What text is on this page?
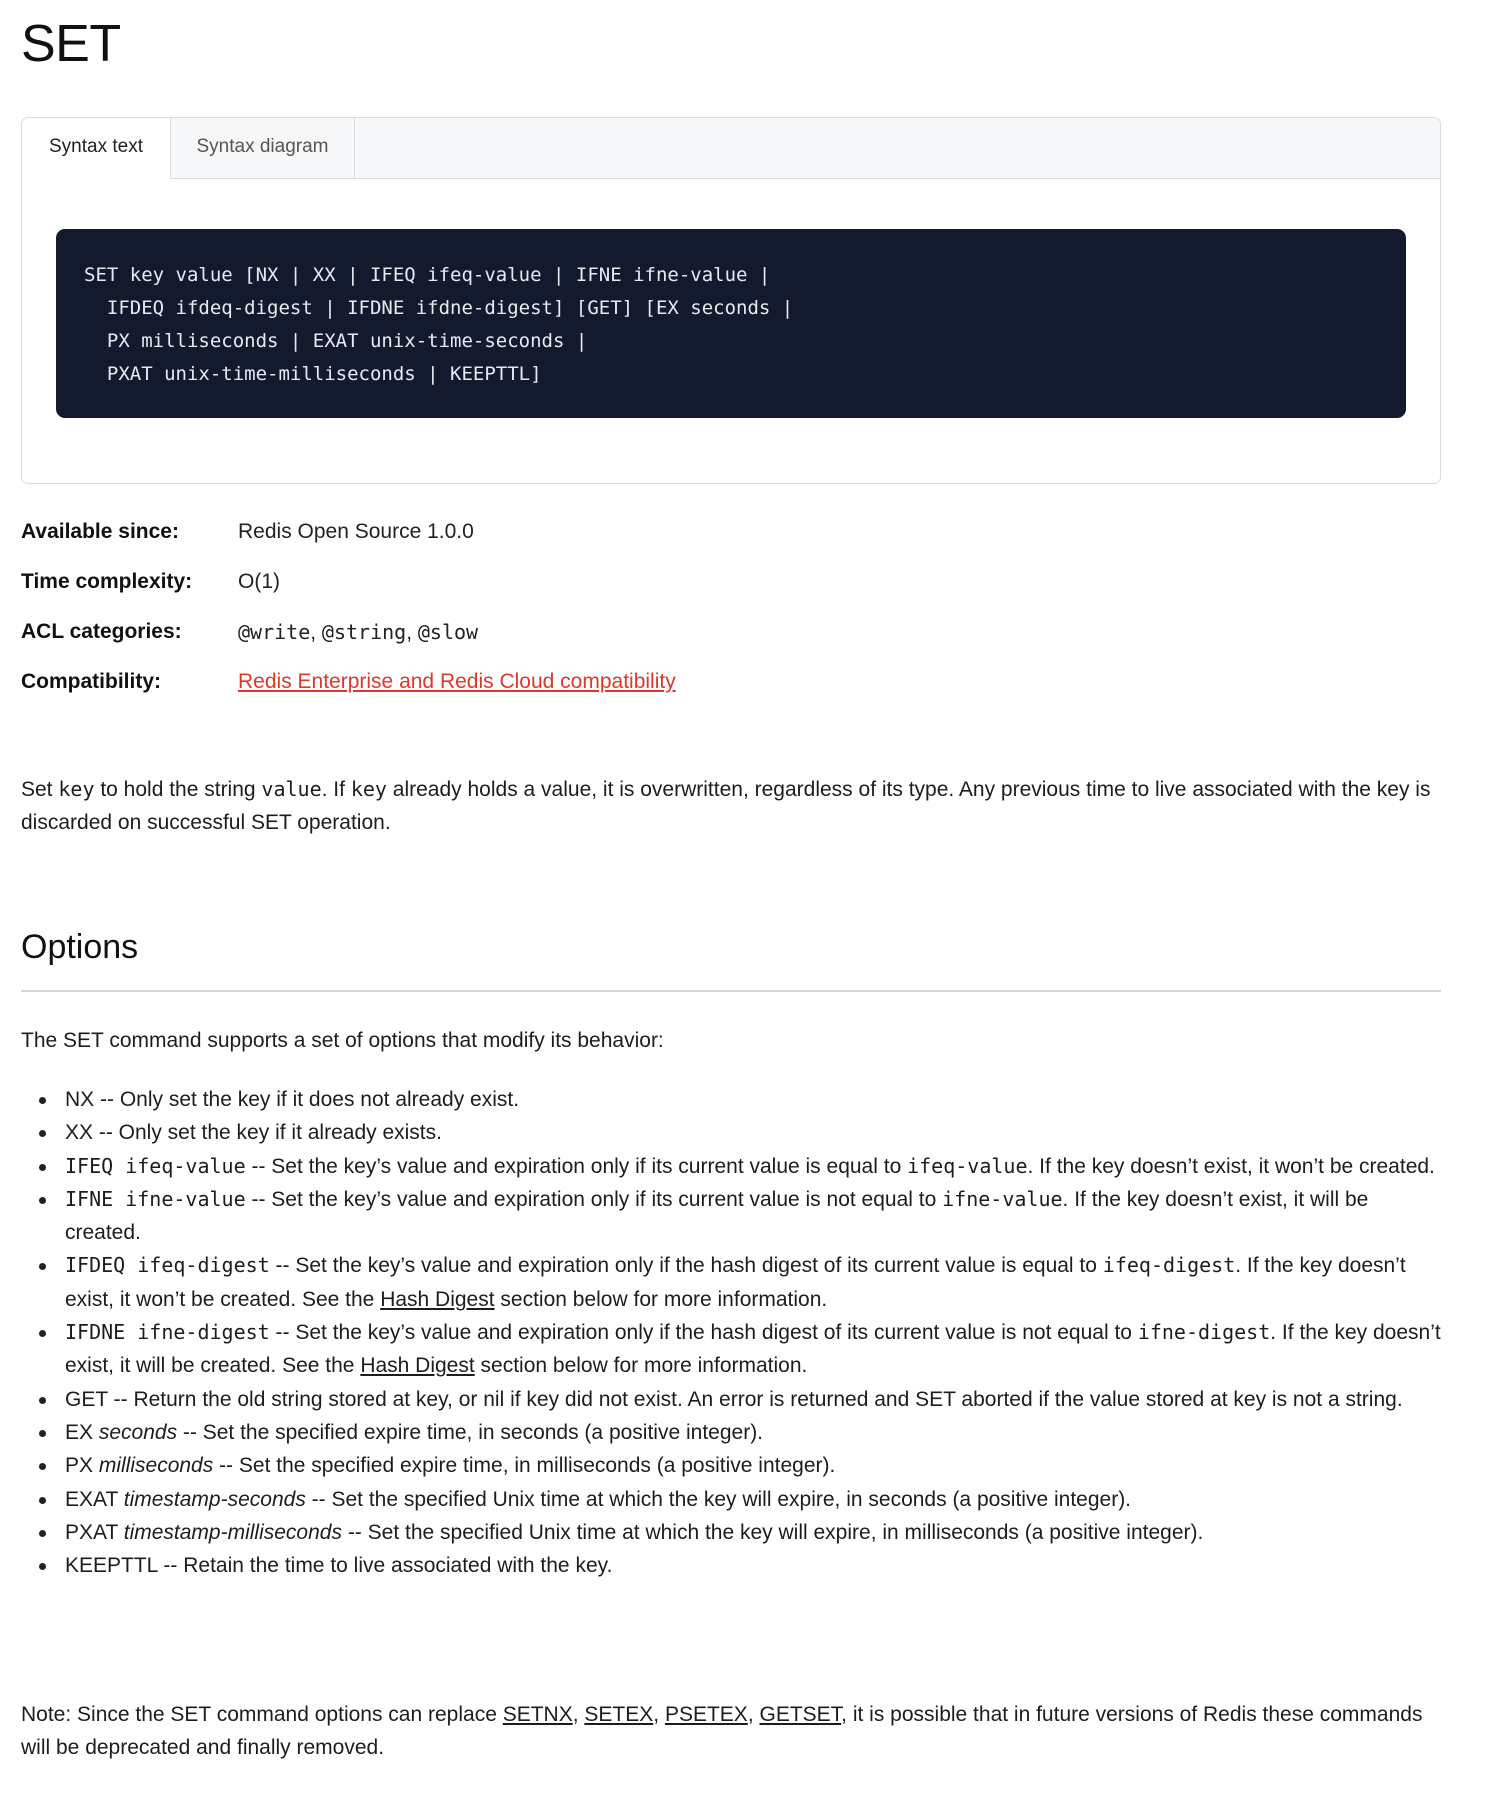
SET
Syntax text	Syntax diagram
SET key value [NX | XX | IFEQ ifeq-value | IFNE ifne-value |
IFDEQ ifdeq-digest | IFDNE ifdne-digest] [GET] [EX seconds |
PX milliseconds | EXAT unix-time-seconds |
PXAT unix-time-milliseconds | KEEPTTL]
Available since:	Redis Open Source 1.0.0
Time complexity: O(1)
ACL categories:	@write, @string, @slow
Compatibility:	Redis Enterprise and Redis Cloud compatibility

Set key to hold the string value. If key already holds a value, it is overwritten, regardless of its type. Any previous time to live associated with the key is discarded on successful SET operation.

Options

The SET command supports a set of options that modify its behavior:

NX -- Only set the key if it does not already exist.
XX -- Only set the key if it already exists.
IFEQ ifeq-value -- Set the key’s value and expiration only if its current value is equal to ifeq-value. If the key doesn’t exist, it won’t be created.
IFNE ifne-value -- Set the key’s value and expiration only if its current value is not equal to ifne-value. If the key doesn’t exist, it will be created.
IFDEQ ifeq-digest -- Set the key’s value and expiration only if the hash digest of its current value is equal to ifeq-digest. If the key doesn’t exist, it won’t be created. See the Hash Digest section below for more information.
IFDNE ifne-digest -- Set the key’s value and expiration only if the hash digest of its current value is not equal to ifne-digest. If the key doesn’t exist, it will be created. See the Hash Digest section below for more information.
GET -- Return the old string stored at key, or nil if key did not exist. An error is returned and SET aborted if the value stored at key is not a string.
EX seconds -- Set the specified expire time, in seconds (a positive integer).
PX milliseconds -- Set the specified expire time, in milliseconds (a positive integer).
EXAT timestamp-seconds -- Set the specified Unix time at which the key will expire, in seconds (a positive integer).
PXAT timestamp-milliseconds -- Set the specified Unix time at which the key will expire, in milliseconds (a positive integer).
KEEPTTL -- Retain the time to live associated with the key.

Note: Since the SET command options can replace SETNX, SETEX, PSETEX, GETSET, it is possible that in future versions of Redis these commands will be deprecated and finally removed.
